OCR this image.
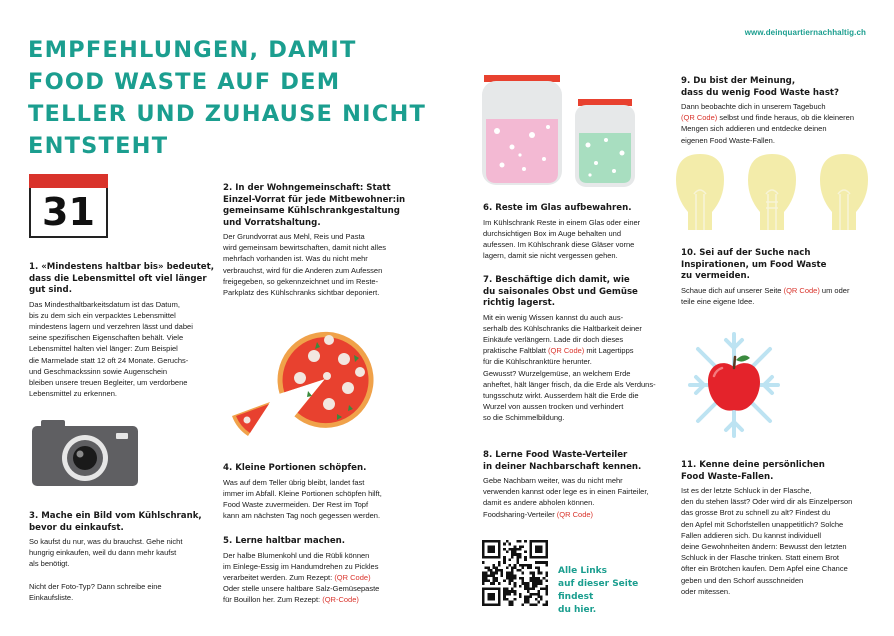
EMPFEHLUNGEN, DAMIT
FOOD WASTE AUF DEM
TELLER UND ZUHAUSE NICHT
ENTSTEHT
www.deinquartiernachhaltig.ch
31
1. «Mindestens haltbar bis» bedeutet,
dass die Lebensmittel oft viel länger
gut sind.

Das Mindesthaltbarkeitsdatum ist das Datum,
bis zu dem sich ein verpacktes Lebensmittel
mindestens lagern und verzehren lässt und dabei
seine spezifischen Eigenschaften behält. Viele
Lebensmittel halten viel länger: Zum Beispiel
die Marmelade statt 12 oft 24 Monate. Geruchs-
und Geschmackssinn sowie Augenschein
bleiben unsere treuen Begleiter, um verdorbene
Lebensmittel zu erkennen.

3. Mache ein Bild vom Kühlschrank,
bevor du einkaufst.

So kaufst du nur, was du brauchst. Gehe nicht
hungrig einkaufen, weil du dann mehr kaufst
als benötigt.

Nicht der Foto-Typ? Dann schreibe eine
Einkaufsliste.

2. In der Wohngemeinschaft: Statt
Einzel-Vorrat für jede Mitbewohner:in
gemeinsame Kühlschrankgestaltung
und Vorratshaltung.

Der Grundvorrat aus Mehl, Reis und Pasta
wird gemeinsam bewirtschaften, damit nicht alles
mehrfach vorhanden ist. Was du nicht mehr
verbrauchst, wird für die Anderen zum Aufessen
freigegeben, so gekennzeichnet und im Reste-
Parkplatz des Kühlschranks sichtbar deponiert.

4. Kleine Portionen schöpfen.

Was auf dem Teller übrig bleibt, landet fast
immer im Abfall. Kleine Portionen schöpfen hilft,
Food Waste zuvermeiden. Der Rest im Topf
kann am nächsten Tag noch gegessen werden.

5. Lerne haltbar machen.

Der halbe Blumenkohl und die Rübli können
im Einlege-Essig im Handumdrehen zu Pickles
verarbeitet werden. Zum Rezept: (QR Code)
Oder stelle unsere haltbare Salz-Gemüsepaste
für Bouillon her. Zum Rezept: (QR-Code)

6. Reste im Glas aufbewahren.

Im Kühlschrank Reste in einem Glas oder einer
durchsichtigen Box im Auge behalten und
aufessen. Im Kühlschrank diese Gläser vorne
lagern, damit sie nicht vergessen gehen.

7. Beschäftige dich damit, wie
du saisonales Obst und Gemüse
richtig lagerst.

Mit ein wenig Wissen kannst du auch aus-
serhalb des Kühlschranks die Haltbarkeit deiner
Einkäufe verlängern. Lade dir doch dieses
praktische Faltblatt (QR Code) mit Lagertipps
für die Kühlschranktüre herunter.
Gewusst? Wurzelgemüse, an welchem Erde
anheftet, hält länger frisch, da die Erde als Verduns-
tungsschutz wirkt. Ausserdem hält die Erde die
Wurzel von aussen trocken und verhindert
so die Schimmelbildung.

8. Lerne Food Waste-Verteiler
in deiner Nachbarschaft kennen.

Gebe Nachbarn weiter, was du nicht mehr
verwenden kannst oder lege es in einen Fairteiler,
damit es andere abholen können.
Foodsharing-Verteiler (QR Code)

Alle Links
auf dieser Seite findest
du hier.
9. Du bist der Meinung,
dass du wenig Food Waste hast?

Dann beobachte dich in unserem Tagebuch
(QR Code) selbst und finde heraus, ob die kleineren
Mengen sich addieren und entdecke deinen
eigenen Food Waste-Fallen.

10. Sei auf der Suche nach
Inspirationen, um Food Waste
zu vermeiden.

Schaue dich auf unserer Seite (QR Code) um oder
teile eine eigene Idee.

11. Kenne deine persönlichen
Food Waste-Fallen.

Ist es der letzte Schluck in der Flasche,
den du stehen lässt? Oder wird dir als Einzelperson
das grosse Brot zu schnell zu alt? Findest du
den Apfel mit Schorfstellen unappetitlich? Solche
Fallen addieren sich. Du kannst individuell
deine Gewohnheiten ändern: Bewusst den letzten
Schluck in der Flasche trinken. Statt einem Brot
öfter ein Brötchen kaufen. Dem Apfel eine Chance
geben und den Schorf ausschneiden
oder mitessen.
